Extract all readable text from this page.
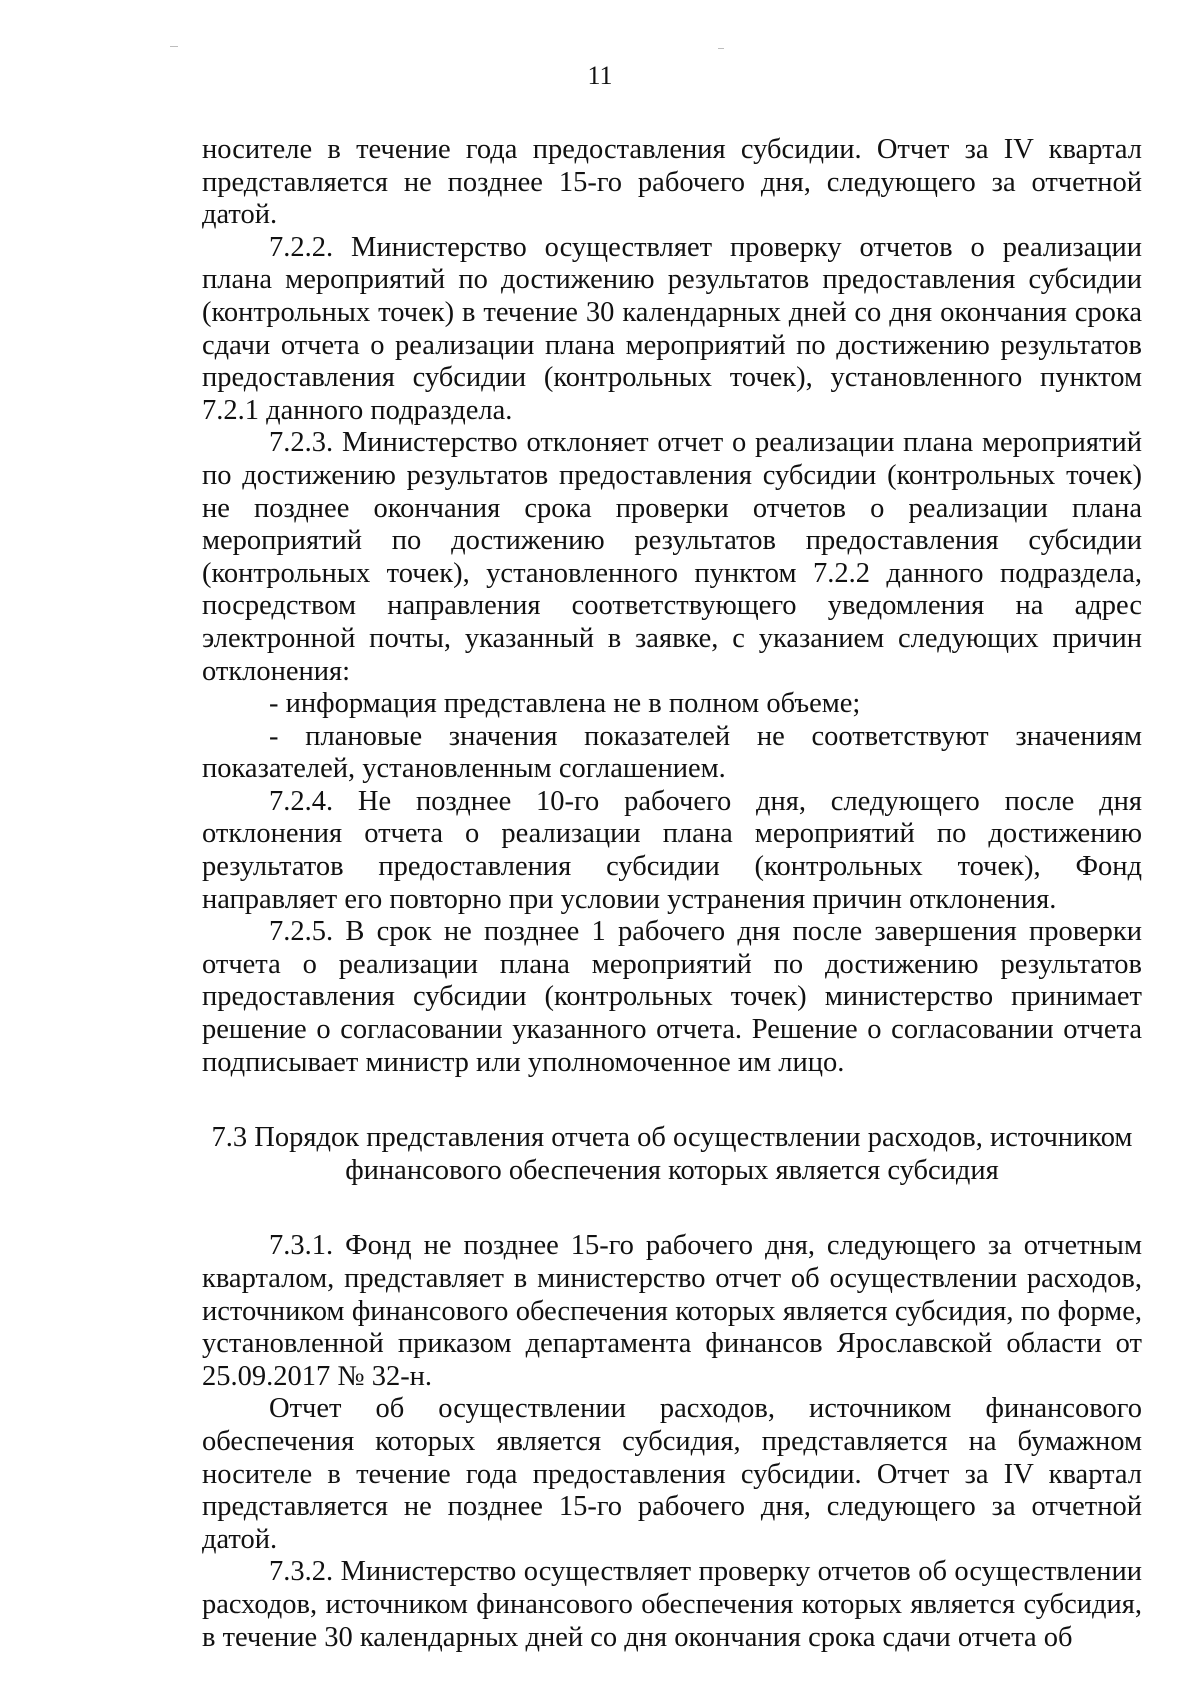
11

носителе в течение года предоставления субсидии. Отчет за IV квартал представляется не позднее 15-го рабочего дня, следующего за отчетной датой.

7.2.2. Министерство осуществляет проверку отчетов о реализации плана мероприятий по достижению результатов предоставления субсидии (контрольных точек) в течение 30 календарных дней со дня окончания срока сдачи отчета о реализации плана мероприятий по достижению результатов предоставления субсидии (контрольных точек), установленного пунктом 7.2.1 данного подраздела.

7.2.3. Министерство отклоняет отчет о реализации плана мероприятий по достижению результатов предоставления субсидии (контрольных точек) не позднее окончания срока проверки отчетов о реализации плана мероприятий по достижению результатов предоставления субсидии (контрольных точек), установленного пунктом 7.2.2 данного подраздела, посредством направления соответствующего уведомления на адрес электронной почты, указанный в заявке, с указанием следующих причин отклонения:

- информация представлена не в полном объеме;

- плановые значения показателей не соответствуют значениям показателей, установленным соглашением.

7.2.4. Не позднее 10-го рабочего дня, следующего после дня отклонения отчета о реализации плана мероприятий по достижению результатов предоставления субсидии (контрольных точек), Фонд направляет его повторно при условии устранения причин отклонения.

7.2.5. В срок не позднее 1 рабочего дня после завершения проверки отчета о реализации плана мероприятий по достижению результатов предоставления субсидии (контрольных точек) министерство принимает решение о согласовании указанного отчета. Решение о согласовании отчета подписывает министр или уполномоченное им лицо.

7.3 Порядок представления отчета об осуществлении расходов, источником
финансового обеспечения которых является субсидия

7.3.1. Фонд не позднее 15-го рабочего дня, следующего за отчетным кварталом, представляет в министерство отчет об осуществлении расходов, источником финансового обеспечения которых является субсидия, по форме, установленной приказом департамента финансов Ярославской области от 25.09.2017 № 32-н.

Отчет об осуществлении расходов, источником финансового обеспечения которых является субсидия, представляется на бумажном носителе в течение года предоставления субсидии. Отчет за IV квартал представляется не позднее 15-го рабочего дня, следующего за отчетной датой.

7.3.2. Министерство осуществляет проверку отчетов об осуществлении расходов, источником финансового обеспечения которых является субсидия, в течение 30 календарных дней со дня окончания срока сдачи отчета об
